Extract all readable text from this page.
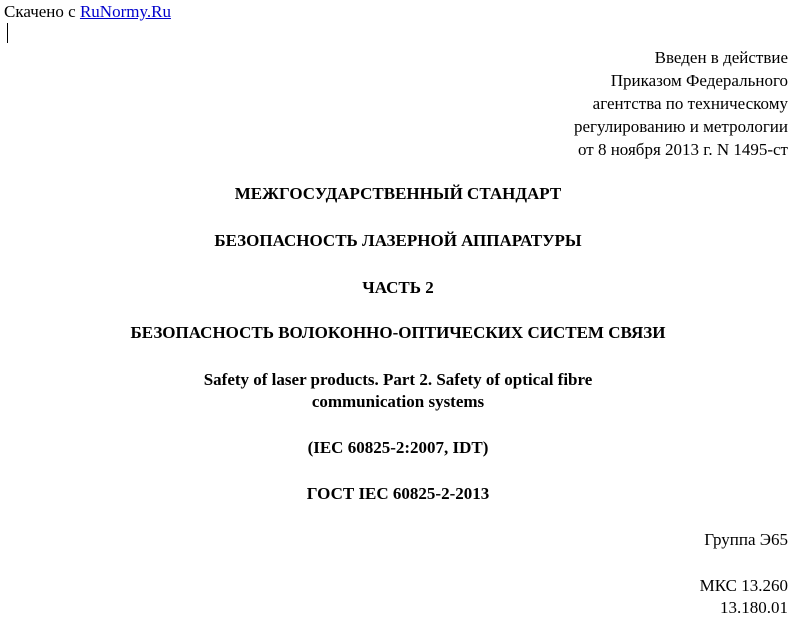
Скачено с RuNormy.Ru
Введен в действие
Приказом Федерального
агентства по техническому
регулированию и метрологии
от 8 ноября 2013 г. N 1495-ст
МЕЖГОСУДАРСТВЕННЫЙ СТАНДАРТ
БЕЗОПАСНОСТЬ ЛАЗЕРНОЙ АППАРАТУРЫ
ЧАСТЬ 2
БЕЗОПАСНОСТЬ ВОЛОКОННО-ОПТИЧЕСКИХ СИСТЕМ СВЯЗИ
Safety of laser products. Part 2. Safety of optical fibre
communication systems
(IEC 60825-2:2007, IDT)
ГОСТ IEC 60825-2-2013
Группа Э65
МКС 13.260
13.180.01
